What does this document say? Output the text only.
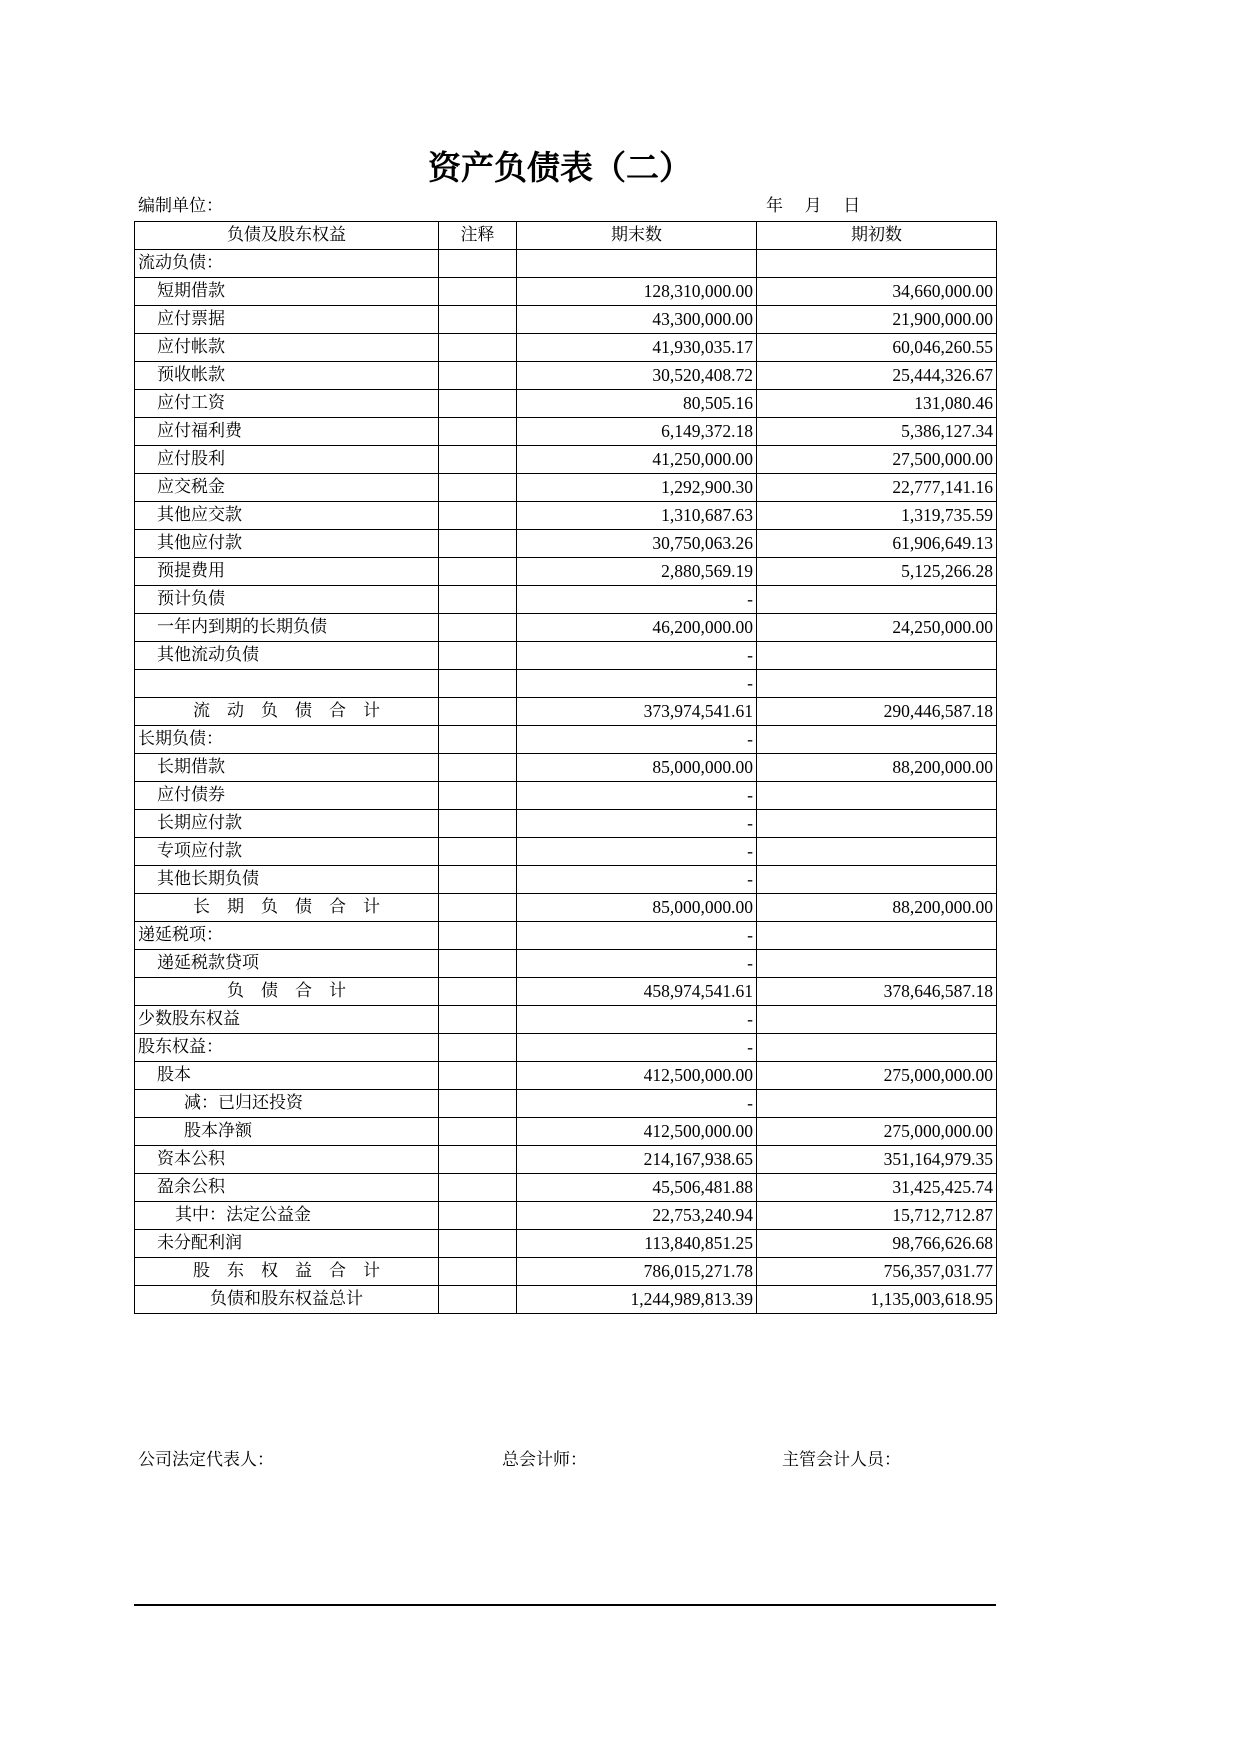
资产负债表（二）
编制单位：	年    月    日
负债及股东权益	注释	期末数	期初数
流动负债：			
短期借款		128,310,000.00	34,660,000.00
应付票据		43,300,000.00	21,900,000.00
应付帐款		41,930,035.17	60,046,260.55
预收帐款		30,520,408.72	25,444,326.67
应付工资		80,505.16	131,080.46
应付福利费		6,149,372.18	5,386,127.34
应付股利		41,250,000.00	27,500,000.00
应交税金		1,292,900.30	22,777,141.16
其他应交款		1,310,687.63	1,319,735.59
其他应付款		30,750,063.26	61,906,649.13
预提费用		2,880,569.19	5,125,266.28
预计负债		-	
一年内到期的长期负债		46,200,000.00	24,250,000.00
其他流动负债		-	
		-	
流　动　负　债　合　计		373,974,541.61	290,446,587.18
长期负债：		-	
长期借款		85,000,000.00	88,200,000.00
应付债券		-	
长期应付款		-	
专项应付款		-	
其他长期负债		-	
长　期　负　债　合　计		85,000,000.00	88,200,000.00
递延税项：		-	
递延税款贷项		-	
负　债　合　计		458,974,541.61	378,646,587.18
少数股东权益		-	
股东权益：		-	
股本		412,500,000.00	275,000,000.00
减：已归还投资		-	
股本净额		412,500,000.00	275,000,000.00
资本公积		214,167,938.65	351,164,979.35
盈余公积		45,506,481.88	31,425,425.74
其中：法定公益金		22,753,240.94	15,712,712.87
未分配利润		113,840,851.25	98,766,626.68
股　东　权　益　合　计		786,015,271.78	756,357,031.77
负债和股东权益总计		1,244,989,813.39	1,135,003,618.95
公司法定代表人：	总会计师：	主管会计人员：
